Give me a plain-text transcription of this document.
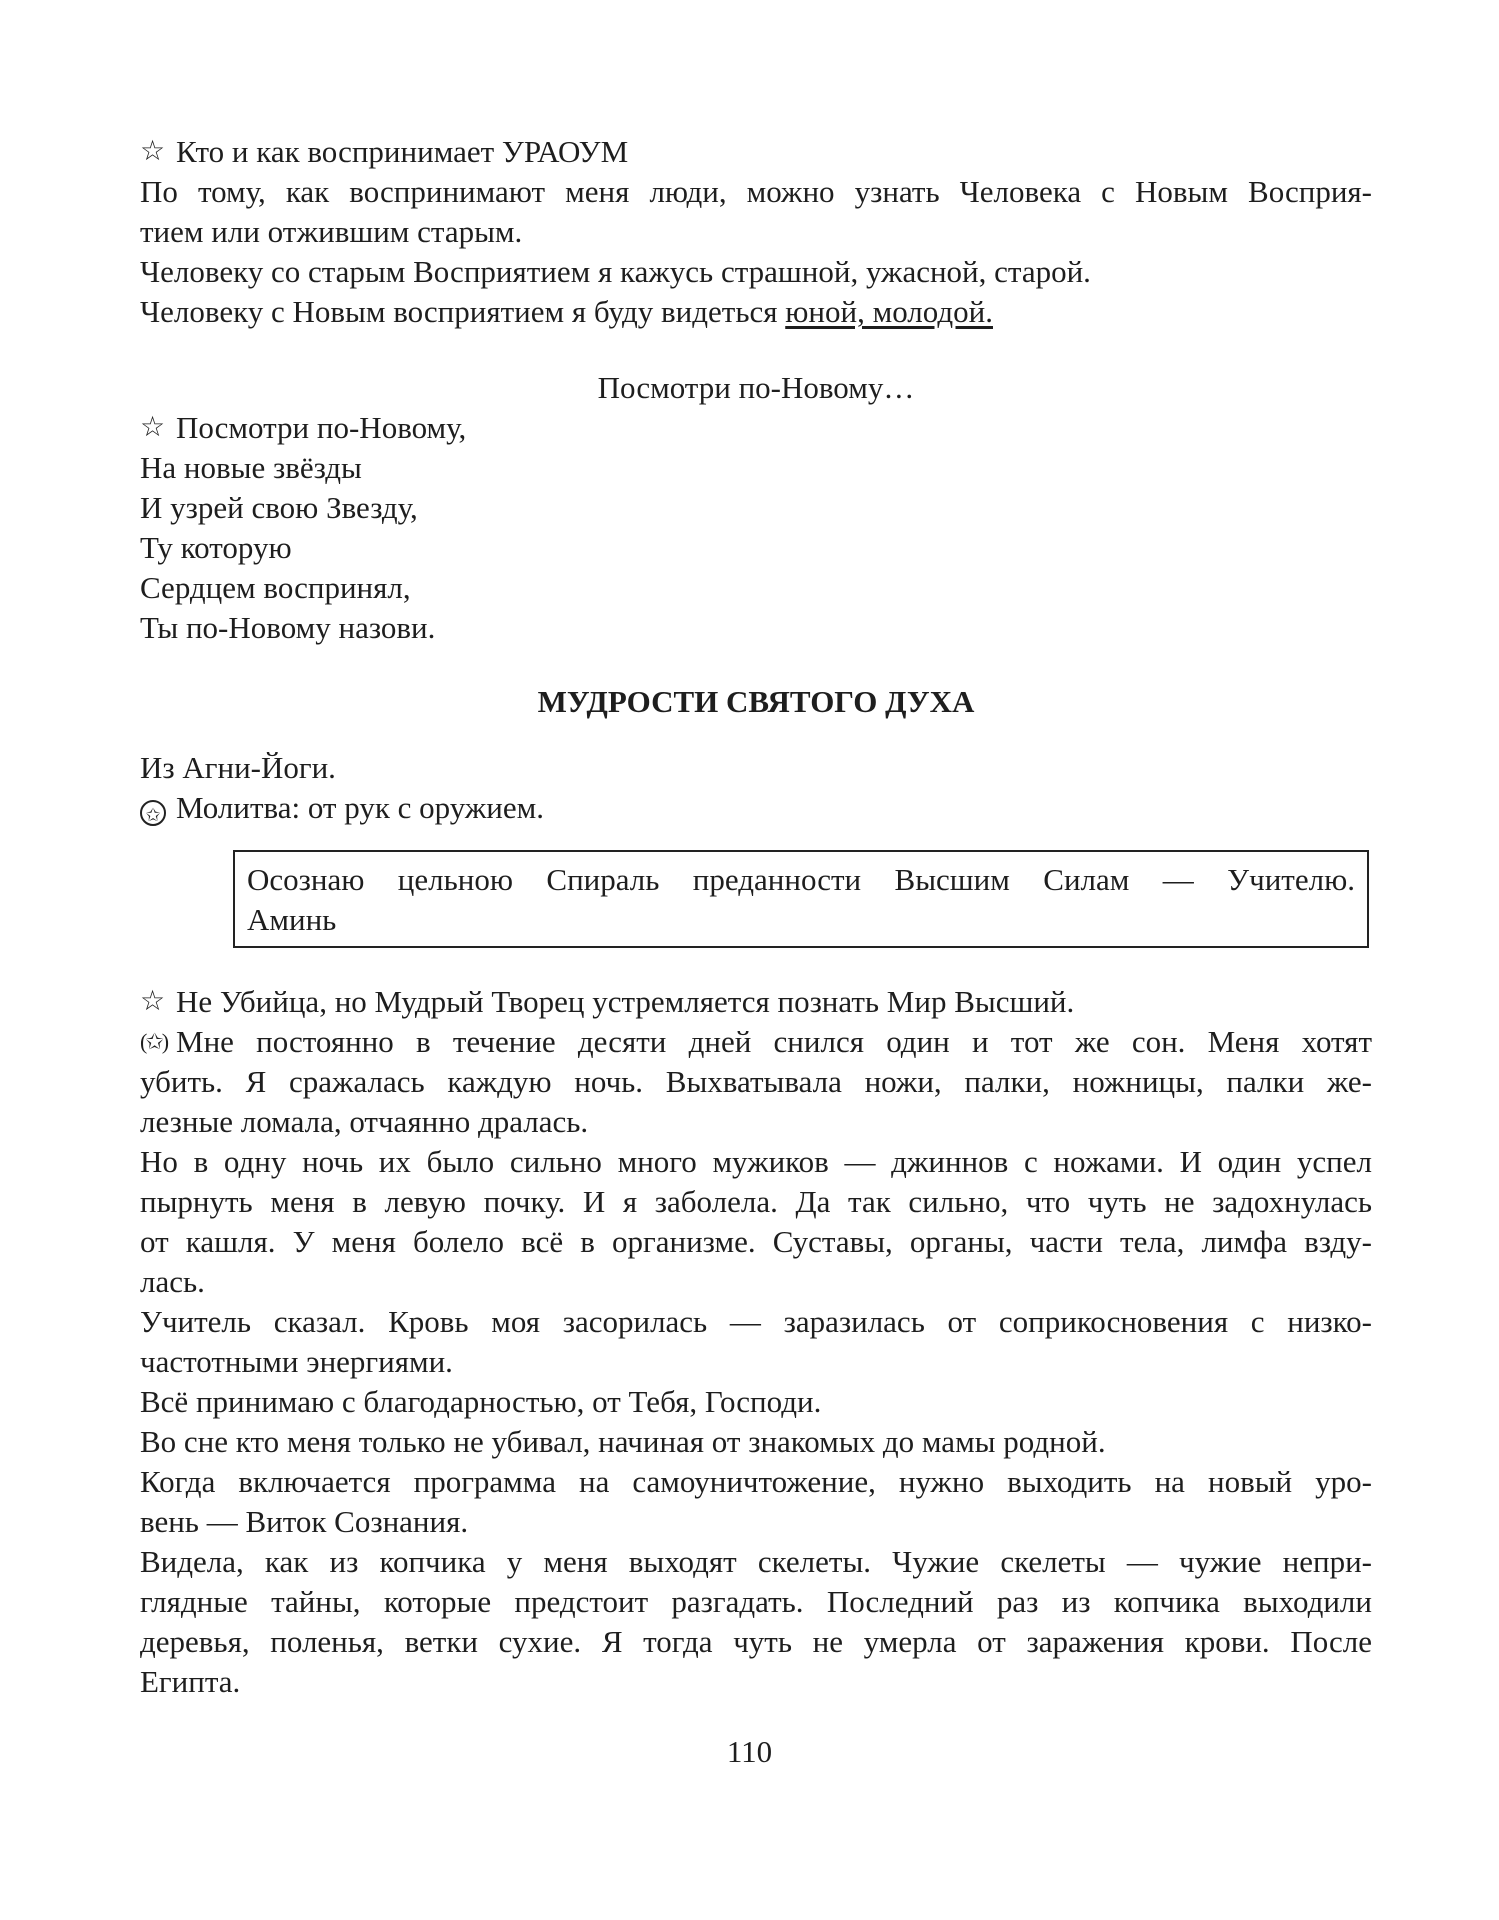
☆ Кто и как воспринимает УРАОУМ
По тому, как воспринимают меня люди, можно узнать Человека с Новым Восприя-
тием или отжившим старым.
Человеку со старым Восприятием я кажусь страшной, ужасной, старой.
Человеку с Новым восприятием я буду видеться юной, молодой.
Посмотри по-Новому…
☆ Посмотри по-Новому,
На новые звёзды
И узрей свою Звезду,
Ту которую
Сердцем воспринял,
Ты по-Новому назови.
МУДРОСТИ СВЯТОГО ДУХА
Из Агни-Йоги.
✩ Молитва: от рук с оружием.
Осознаю цельною Спираль преданности Высшим Силам — Учителю.
Аминь
☆ Не Убийца, но Мудрый Творец устремляется познать Мир Высший.
(✩) Мне постоянно в течение десяти дней снился один и тот же сон. Меня хотят
убить. Я сражалась каждую ночь. Выхватывала ножи, палки, ножницы, палки же-
лезные ломала, отчаянно дралась.
Но в одну ночь их было сильно много мужиков — джиннов с ножами. И один успел
пырнуть меня в левую почку. И я заболела. Да так сильно, что чуть не задохнулась
от кашля. У меня болело всё в организме. Суставы, органы, части тела, лимфа взду-
лась.
Учитель сказал. Кровь моя засорилась — заразилась от соприкосновения с низко-
частотными энергиями.
Всё принимаю с благодарностью, от Тебя, Господи.
Во сне кто меня только не убивал, начиная от знакомых до мамы родной.
Когда включается программа на самоуничтожение, нужно выходить на новый уро-
вень — Виток Сознания.
Видела, как из копчика у меня выходят скелеты. Чужие скелеты — чужие непри-
глядные тайны, которые предстоит разгадать. Последний раз из копчика выходили
деревья, поленья, ветки сухие. Я тогда чуть не умерла от заражения крови. После
Египта.
110
